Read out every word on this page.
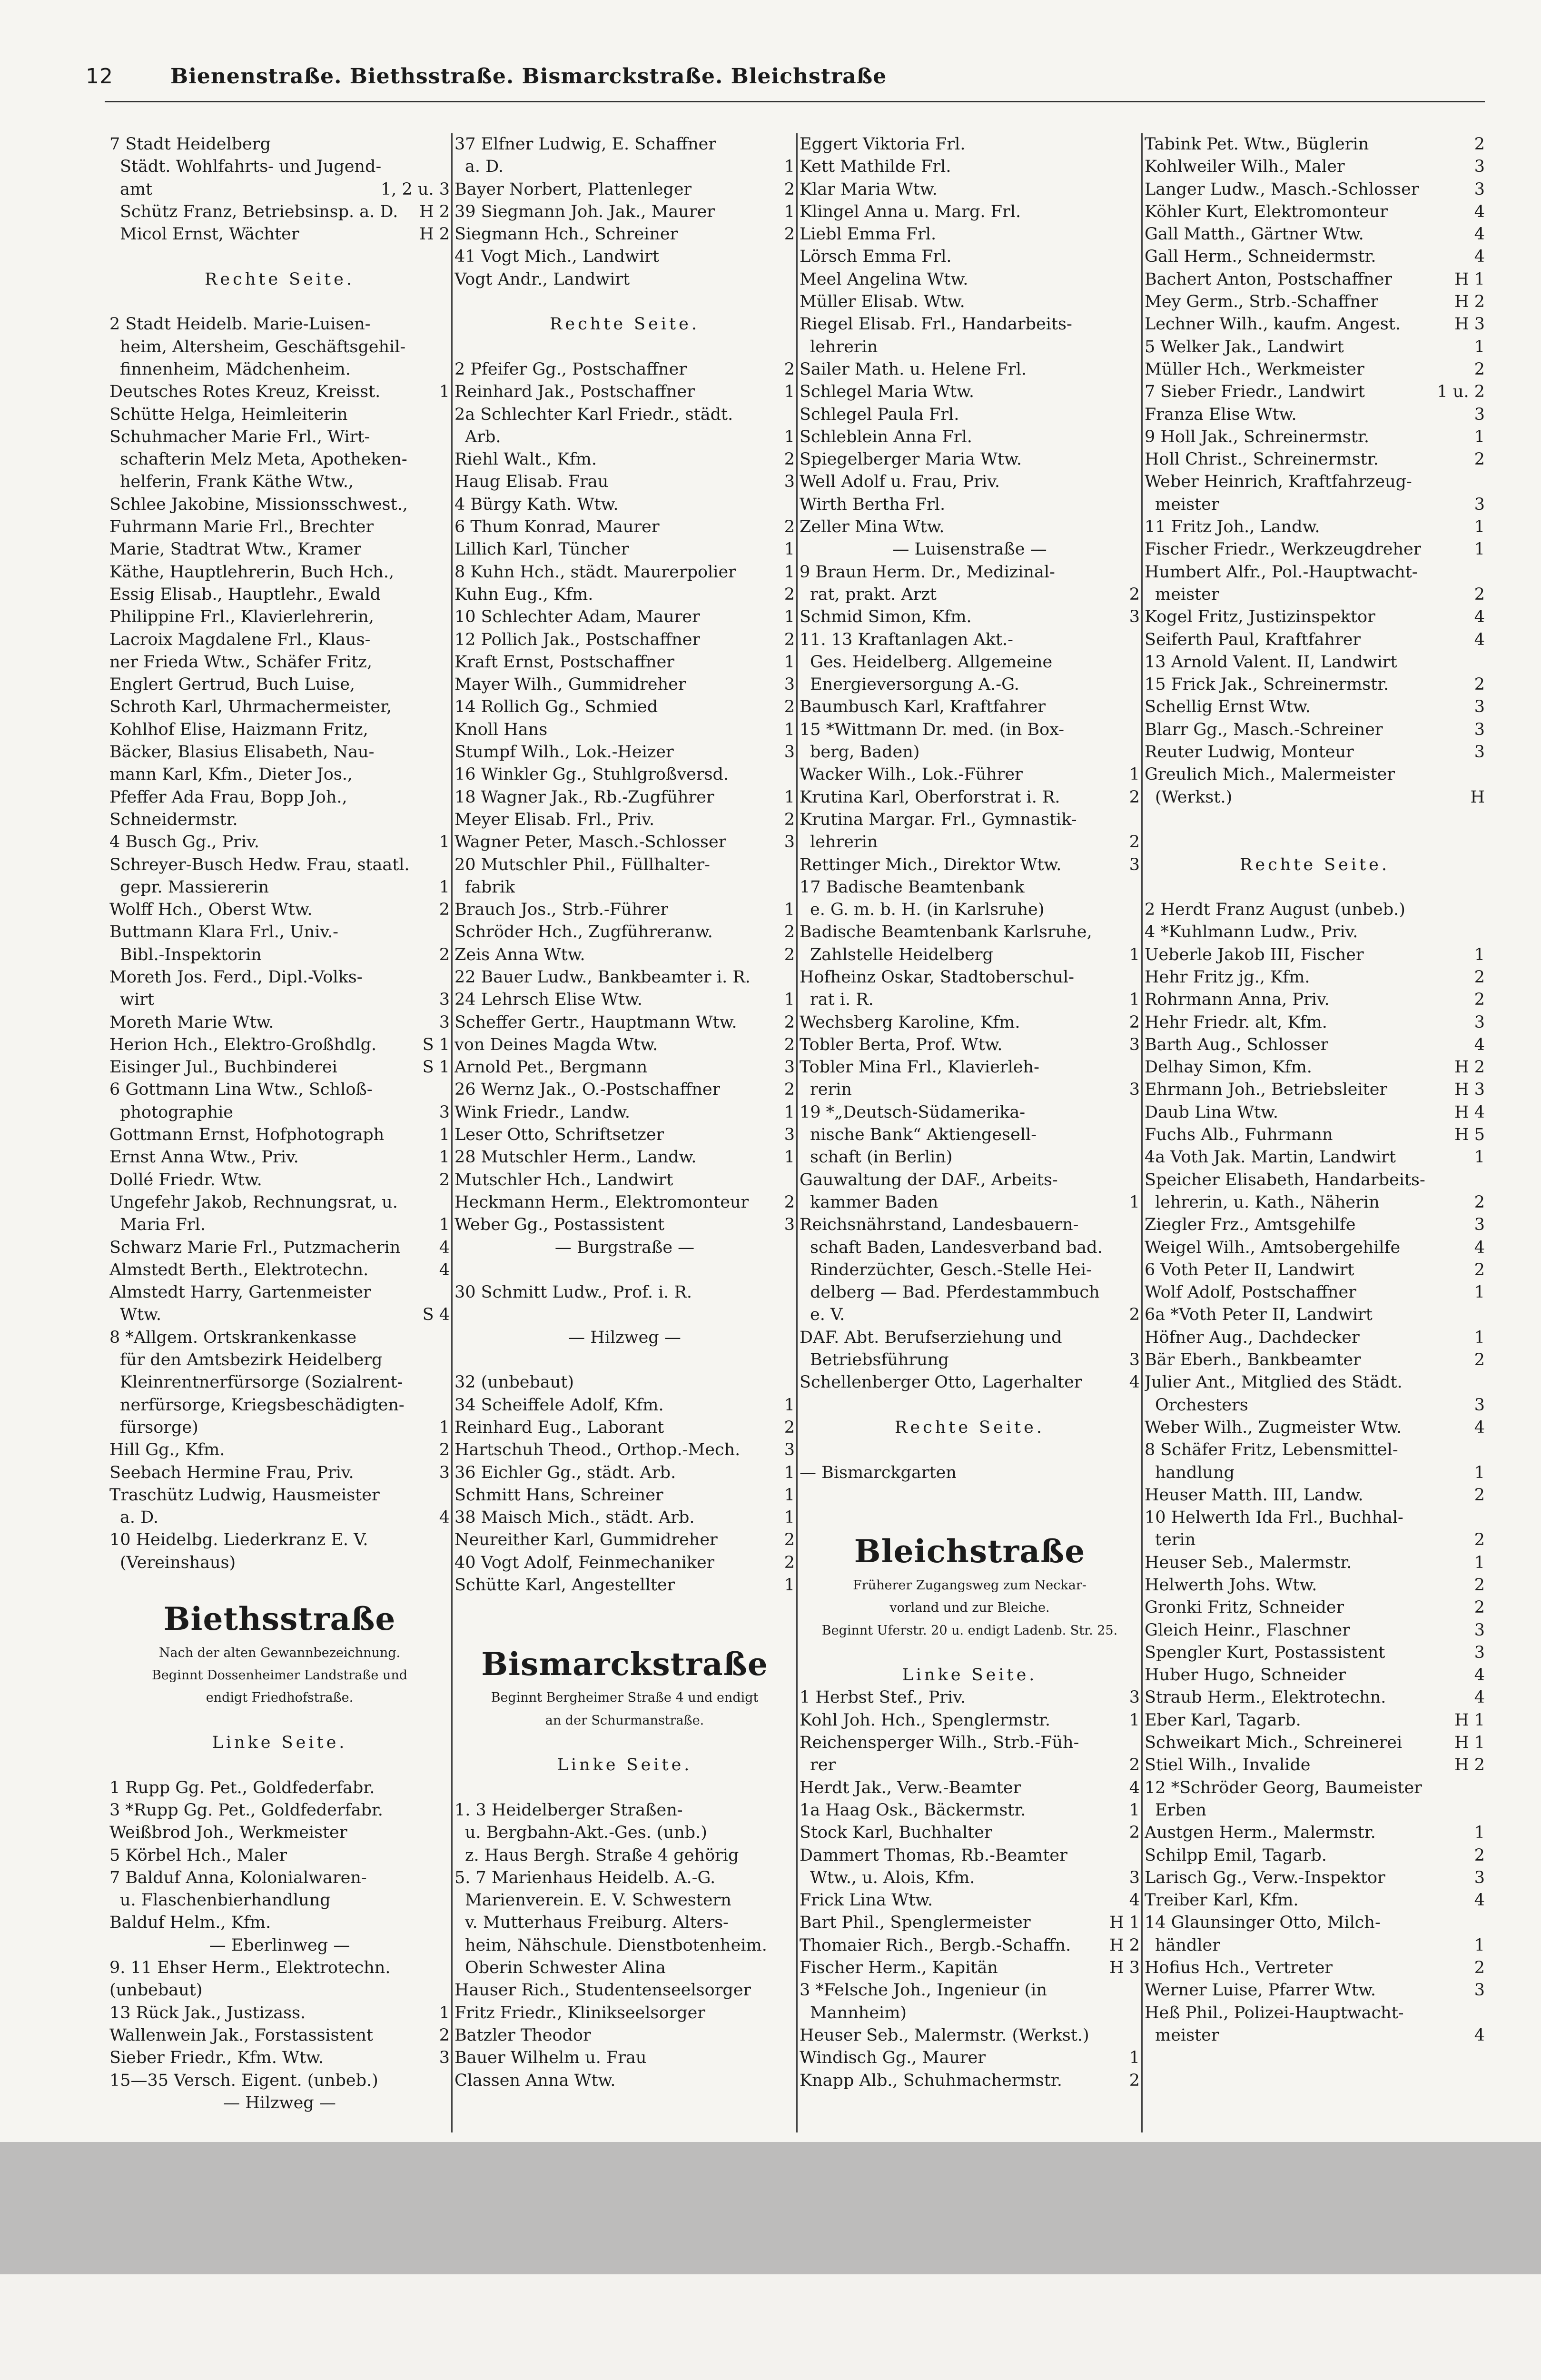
12	Bienenstraße. Biethsstraße. Bismarckstraße. Bleichstraße
7 Stadt Heidelberg
Städt. Wohlfahrts- und Jugend-
amt	1, 2 u. 3
Schütz Franz, Betriebsinsp. a. D. H 2
Micol Ernst, Wächter	H 2
Rechte Seite.
2 Stadt Heidelb. Marie-Luisen-
heim, Altersheim, Geschäftsgehil-
finnenheim, Mädchenheim.
Deutsches Rotes Kreuz, Kreisst.	1
Schütte Helga, Heimleiterin
Schuhmacher Marie Frl., Wirt-
schafterin Melz Meta, Apotheken-
helferin, Frank Käthe Wtw.,
Schlee Jakobine, Missionsschwest.,
Fuhrmann Marie Frl., Brechter
Marie, Stadtrat Wtw., Kramer
Käthe, Hauptlehrerin, Buch Hch.,
Essig Elisab., Hauptlehr., Ewald
Philippine Frl., Klavierlehrerin,
Lacroix Magdalene Frl., Klaus-
ner Frieda Wtw., Schäfer Fritz,
Englert Gertrud, Buch Luise,
Schroth Karl, Uhrmachermeister,
Kohlhof Elise, Haizmann Fritz,
Bäcker, Blasius Elisabeth, Nau-
mann Karl, Kfm., Dieter Jos.,
Pfeffer Ada Frau, Bopp Joh.,
Schneidermstr.
4 Busch Gg., Priv.	1
Schreyer-Busch Hedw. Frau, staatl.
gepr. Massiererin	1
Wolff Hch., Oberst Wtw.	2
Buttmann Klara Frl., Univ.-
Bibl.-Inspektorin	2
Moreth Jos. Ferd., Dipl.-Volks-
wirt	3
Moreth Marie Wtw.	3
Herion Hch., Elektro-Großhdlg.	S 1
Eisinger Jul., Buchbinderei	S 1
6 Gottmann Lina Wtw., Schloß-
photographie	3
Gottmann Ernst, Hofphotograph	1
Ernst Anna Wtw., Priv.	1
Dollé Friedr. Wtw.	2
Ungefehr Jakob, Rechnungsrat, u.
Maria Frl.	1
Schwarz Marie Frl., Putzmacherin 4
Almstedt Berth., Elektrotechn.	4
Almstedt Harry, Gartenmeister
Wtw.	S 4
8 *Allgem. Ortskrankenkasse
für den Amtsbezirk Heidelberg
Kleinrentnerfürsorge (Sozialrent-
nerfürsorge, Kriegsbeschädigten-
fürsorge)	1
Hill Gg., Kfm.	2
Seebach Hermine Frau, Priv.	3
Traschütz Ludwig, Hausmeister
a. D.	4
10 Heidelbg. Liederkranz E. V.
(Vereinshaus)
Biethsstraße
Nach der alten Gewannbezeichnung.
Beginnt Dossenheimer Landstraße und
endigt Friedhofstraße.
Linke Seite.
1 Rupp Gg. Pet., Goldfederfabr.
3 *Rupp Gg. Pet., Goldfederfabr.
Weißbrod Joh., Werkmeister
5 Körbel Hch., Maler
7 Balduf Anna, Kolonialwaren-
u. Flaschenbierhandlung
Balduf Helm., Kfm.
— Eberlinweg —
9. 11 Ehser Herm., Elektrotechn.
(unbebaut)
13 Rück Jak., Justizass.	1
Wallenwein Jak., Forstassistent	2
Sieber Friedr., Kfm. Wtw.	3
15—35 Versch. Eigent. (unbeb.)
— Hilzweg —
37 Elfner Ludwig, E. Schaffner
a. D.	1
Bayer Norbert, Plattenleger	2
39 Siegmann Joh. Jak., Maurer	1
Siegmann Hch., Schreiner	2
41 Vogt Mich., Landwirt
Vogt Andr., Landwirt
Rechte Seite.
2 Pfeifer Gg., Postschaffner	2
Reinhard Jak., Postschaffner	1
2a Schlechter Karl Friedr., städt.
Arb.	1
Riehl Walt., Kfm.	2
Haug Elisab. Frau	3
4 Bürgy Kath. Wtw.
6 Thum Konrad, Maurer	2
Lillich Karl, Tüncher	1
8 Kuhn Hch., städt. Maurerpolier	1
Kuhn Eug., Kfm.	2
10 Schlechter Adam, Maurer	1
12 Pollich Jak., Postschaffner	2
Kraft Ernst, Postschaffner	1
Mayer Wilh., Gummidreher	3
14 Rollich Gg., Schmied	2
Knoll Hans	1
Stumpf Wilh., Lok.-Heizer	3
16 Winkler Gg., Stuhlgroßversd.
18 Wagner Jak., Rb.-Zugführer	1
Meyer Elisab. Frl., Priv.	2
Wagner Peter, Masch.-Schlosser	3
20 Mutschler Phil., Füllhalter-
fabrik
Brauch Jos., Strb.-Führer	1
Schröder Hch., Zugführeranw.	2
Zeis Anna Wtw.	2
22 Bauer Ludw., Bankbeamter i. R.
24 Lehrsch Elise Wtw.	1
Scheffer Gertr., Hauptmann Wtw.	2
von Deines Magda Wtw.	2
Arnold Pet., Bergmann	3
26 Wernz Jak., O.-Postschaffner	2
Wink Friedr., Landw.	1
Leser Otto, Schriftsetzer	3
28 Mutschler Herm., Landw.	1
Mutschler Hch., Landwirt
Heckmann Herm., Elektromonteur 2
Weber Gg., Postassistent	3
— Burgstraße —
30 Schmitt Ludw., Prof. i. R.
— Hilzweg —
32 (unbebaut)
34 Scheiffele Adolf, Kfm.	1
Reinhard Eug., Laborant	2
Hartschuh Theod., Orthop.-Mech.	3
36 Eichler Gg., städt. Arb.	1
Schmitt Hans, Schreiner	1
38 Maisch Mich., städt. Arb.	1
Neureither Karl, Gummidreher	2
40 Vogt Adolf, Feinmechaniker	2
Schütte Karl, Angestellter	1
Bismarckstraße
Beginnt Bergheimer Straße 4 und endigt
an der Schurmanstraße.
Linke Seite.
1. 3 Heidelberger Straßen-
u. Bergbahn-Akt.-Ges. (unb.)
z. Haus Bergh. Straße 4 gehörig
5. 7 Marienhaus Heidelb. A.-G.
Marienverein. E. V. Schwestern
v. Mutterhaus Freiburg. Alters-
heim, Nähschule. Dienstbotenheim.
Oberin Schwester Alina
Hauser Rich., Studentenseelsorger
Fritz Friedr., Klinikseelsorger
Batzler Theodor
Bauer Wilhelm u. Frau
Classen Anna Wtw.
Eggert Viktoria Frl.
Kett Mathilde Frl.
Klar Maria Wtw.
Klingel Anna u. Marg. Frl.
Liebl Emma Frl.
Lörsch Emma Frl.
Meel Angelina Wtw.
Müller Elisab. Wtw.
Riegel Elisab. Frl., Handarbeits-
lehrerin
Sailer Math. u. Helene Frl.
Schlegel Maria Wtw.
Schlegel Paula Frl.
Schleblein Anna Frl.
Spiegelberger Maria Wtw.
Well Adolf u. Frau, Priv.
Wirth Bertha Frl.
Zeller Mina Wtw.
— Luisenstraße —
9 Braun Herm. Dr., Medizinal-
rat, prakt. Arzt	2
Schmid Simon, Kfm.	3
11. 13 Kraftanlagen Akt.-
Ges. Heidelberg. Allgemeine
Energieversorgung A.-G.
Baumbusch Karl, Kraftfahrer
15 *Wittmann Dr. med. (in Box-
berg, Baden)
Wacker Wilh., Lok.-Führer	1
Krutina Karl, Oberforstrat i. R.	2
Krutina Margar. Frl., Gymnastik-
lehrerin	2
Rettinger Mich., Direktor Wtw.	3
17 Badische Beamtenbank
e. G. m. b. H. (in Karlsruhe)
Badische Beamtenbank Karlsruhe,
Zahlstelle Heidelberg	1
Hofheinz Oskar, Stadtoberschul-
rat i. R.	1
Wechsberg Karoline, Kfm.	2
Tobler Berta, Prof. Wtw.	3
Tobler Mina Frl., Klavierleh-
rerin	3
19 *„Deutsch-Südamerika-
nische Bank“ Aktiengesell-
schaft (in Berlin)
Gauwaltung der DAF., Arbeits-
kammer Baden	1
Reichsnährstand, Landesbauern-
schaft Baden, Landesverband bad.
Rinderzüchter, Gesch.-Stelle Hei-
delberg — Bad. Pferdestammbuch
e. V.	2
DAF. Abt. Berufserziehung und
Betriebsführung	3
Schellenberger Otto, Lagerhalter	4
Rechte Seite.
— Bismarckgarten
Bleichstraße
Früherer Zugangsweg zum Neckar-
vorland und zur Bleiche.
Beginnt Uferstr. 20 u. endigt Ladenb. Str. 25.
Linke Seite.
1 Herbst Stef., Priv.	3
Kohl Joh. Hch., Spenglermstr.	1
Reichensperger Wilh., Strb.-Füh-
rer	2
Herdt Jak., Verw.-Beamter	4
1a Haag Osk., Bäckermstr.	1
Stock Karl, Buchhalter	2
Dammert Thomas, Rb.-Beamter
Wtw., u. Alois, Kfm.	3
Frick Lina Wtw.	4
Bart Phil., Spenglermeister	H 1
Thomaier Rich., Bergb.-Schaffn. H 2
Fischer Herm., Kapitän	H 3
3 *Felsche Joh., Ingenieur (in
Mannheim)
Heuser Seb., Malermstr. (Werkst.)
Windisch Gg., Maurer	1
Knapp Alb., Schuhmachermstr.	2
Tabink Pet. Wtw., Büglerin	2
Kohlweiler Wilh., Maler	3
Langer Ludw., Masch.-Schlosser	3
Köhler Kurt, Elektromonteur	4
Gall Matth., Gärtner Wtw.	4
Gall Herm., Schneidermstr.	4
Bachert Anton, Postschaffner	H 1
Mey Germ., Strb.-Schaffner	H 2
Lechner Wilh., kaufm. Angest.	H 3
5 Welker Jak., Landwirt	1
Müller Hch., Werkmeister	2
7 Sieber Friedr., Landwirt	1 u. 2
Franza Elise Wtw.	3
9 Holl Jak., Schreinermstr.	1
Holl Christ., Schreinermstr.	2
Weber Heinrich, Kraftfahrzeug-
meister	3
11 Fritz Joh., Landw.	1
Fischer Friedr., Werkzeugdreher	1
Humbert Alfr., Pol.-Hauptwacht-
meister	2
Kogel Fritz, Justizinspektor	4
Seiferth Paul, Kraftfahrer	4
13 Arnold Valent. II, Landwirt
15 Frick Jak., Schreinermstr.	2
Schellig Ernst Wtw.	3
Blarr Gg., Masch.-Schreiner	3
Reuter Ludwig, Monteur	3
Greulich Mich., Malermeister
(Werkst.)	H
Rechte Seite.
2 Herdt Franz August (unbeb.)
4 *Kuhlmann Ludw., Priv.
Ueberle Jakob III, Fischer	1
Hehr Fritz jg., Kfm.	2
Rohrmann Anna, Priv.	2
Hehr Friedr. alt, Kfm.	3
Barth Aug., Schlosser	4
Delhay Simon, Kfm.	H 2
Ehrmann Joh., Betriebsleiter	H 3
Daub Lina Wtw.	H 4
Fuchs Alb., Fuhrmann	H 5
4a Voth Jak. Martin, Landwirt	1
Speicher Elisabeth, Handarbeits-
lehrerin, u. Kath., Näherin	2
Ziegler Frz., Amtsgehilfe	3
Weigel Wilh., Amtsobergehilfe	4
6 Voth Peter II, Landwirt	2
Wolf Adolf, Postschaffner	1
6a *Voth Peter II, Landwirt
Höfner Aug., Dachdecker	1
Bär Eberh., Bankbeamter	2
Julier Ant., Mitglied des Städt.
Orchesters	3
Weber Wilh., Zugmeister Wtw.	4
8 Schäfer Fritz, Lebensmittel-
handlung	1
Heuser Matth. III, Landw.	2
10 Helwerth Ida Frl., Buchhal-
terin	2
Heuser Seb., Malermstr.	1
Helwerth Johs. Wtw.	2
Gronki Fritz, Schneider	2
Gleich Heinr., Flaschner	3
Spengler Kurt, Postassistent	3
Huber Hugo, Schneider	4
Straub Herm., Elektrotechn.	4
Eber Karl, Tagarb.	H 1
Schweikart Mich., Schreinerei	H 1
Stiel Wilh., Invalide	H 2
12 *Schröder Georg, Baumeister
Erben
Austgen Herm., Malermstr.	1
Schilpp Emil, Tagarb.	2
Larisch Gg., Verw.-Inspektor	3
Treiber Karl, Kfm.	4
14 Glaunsinger Otto, Milch-
händler	1
Hofius Hch., Vertreter	2
Werner Luise, Pfarrer Wtw.	3
Heß Phil., Polizei-Hauptwacht-
meister	4
